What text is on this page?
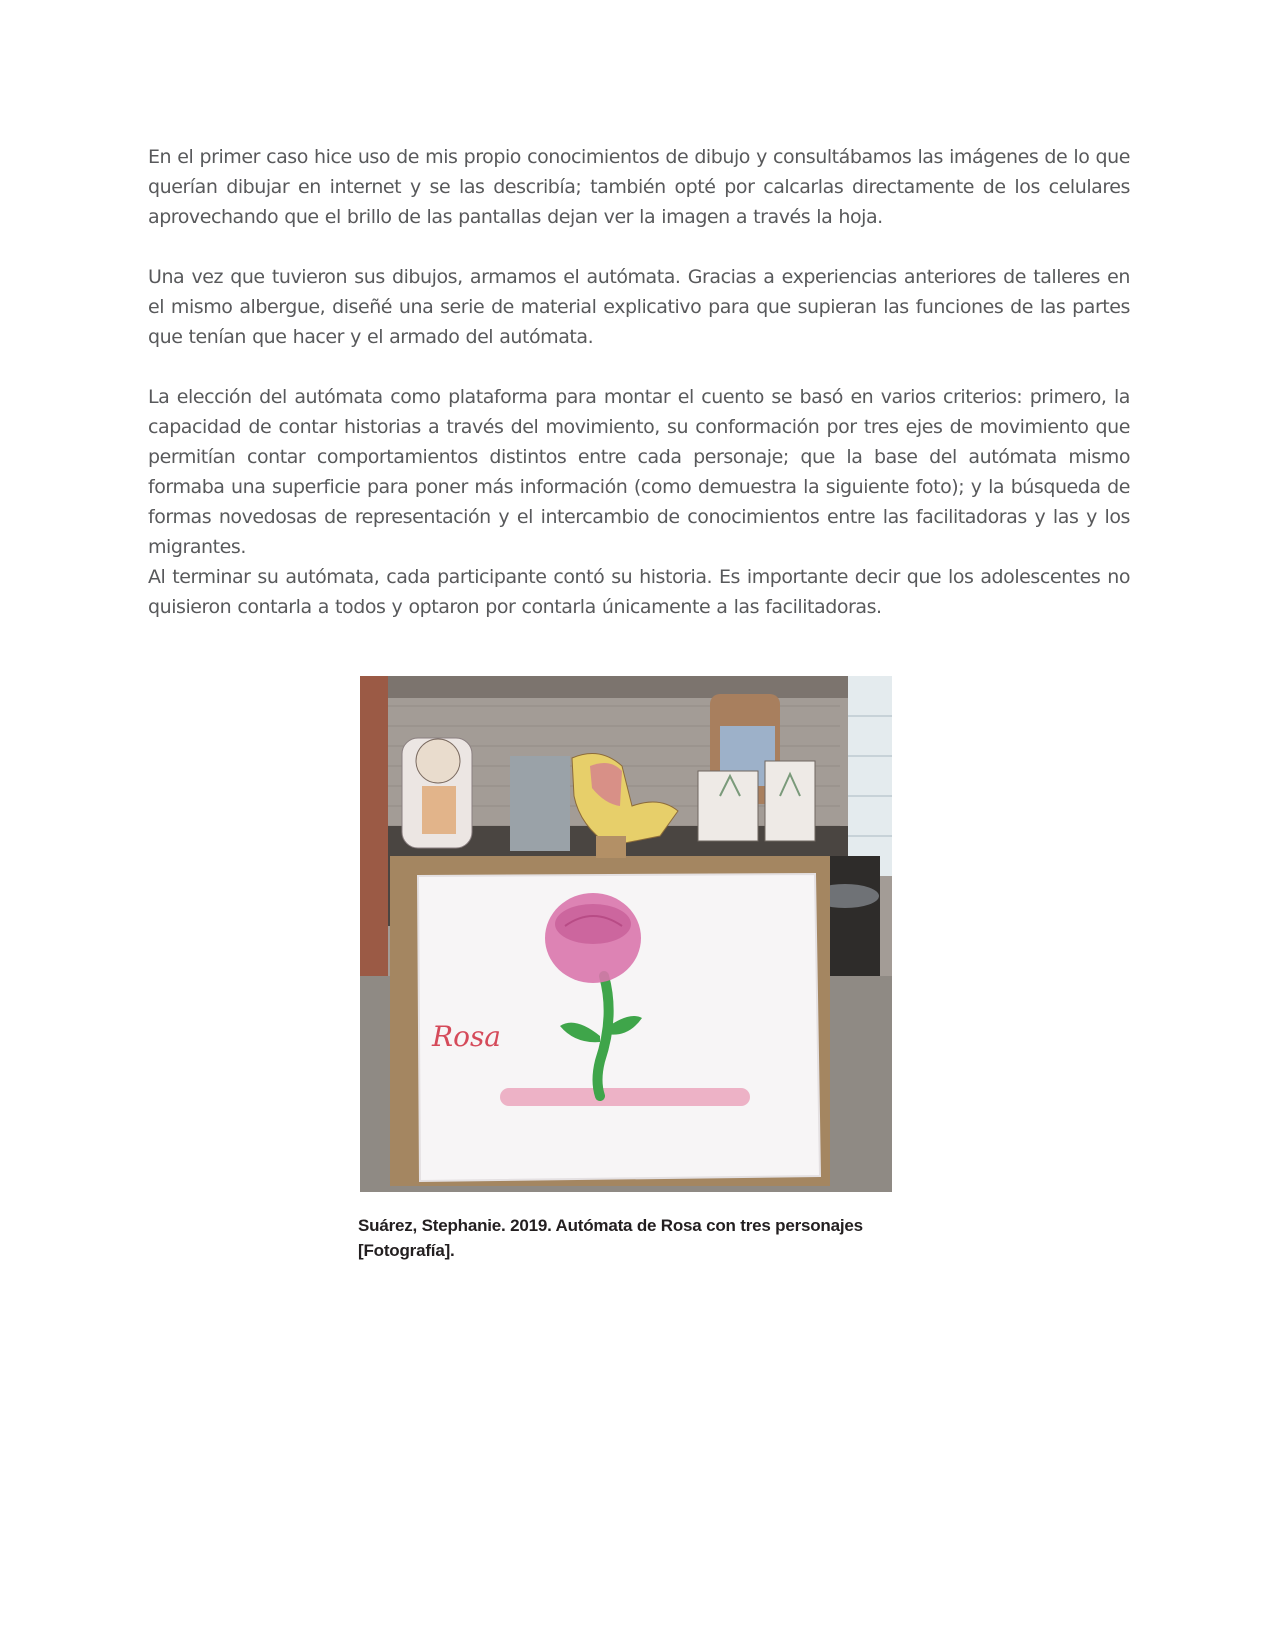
En el primer caso hice uso de mis propio conocimientos de dibujo y consultábamos las imágenes de lo que querían dibujar en internet y se las describía; también opté por calcarlas directamente de los celulares aprovechando que el brillo de las pantallas dejan ver la imagen a través la hoja.

Una vez que tuvieron sus dibujos, armamos el autómata. Gracias a experiencias anteriores de talleres en el mismo albergue, diseñé una serie de material explicativo para que supieran las funciones de las partes que tenían que hacer y el armado del autómata.

La elección del autómata como plataforma para montar el cuento se basó en varios criterios: primero, la capacidad de contar historias a través del movimiento, su conformación por tres ejes de movimiento que permitían contar comportamientos distintos entre cada personaje; que la base del autómata mismo formaba una superficie para poner más información (como demuestra la siguiente foto); y la búsqueda de formas novedosas de representación y el intercambio de conocimientos entre las facilitadoras y las y los migrantes.

Al terminar su autómata, cada participante contó su historia. Es importante decir que los adolescentes no quisieron contarla a todos y optaron por contarla únicamente a las facilitadoras.

Rosa

Suárez, Stephanie. 2019. Autómata de Rosa con tres personajes [Fotografía].
